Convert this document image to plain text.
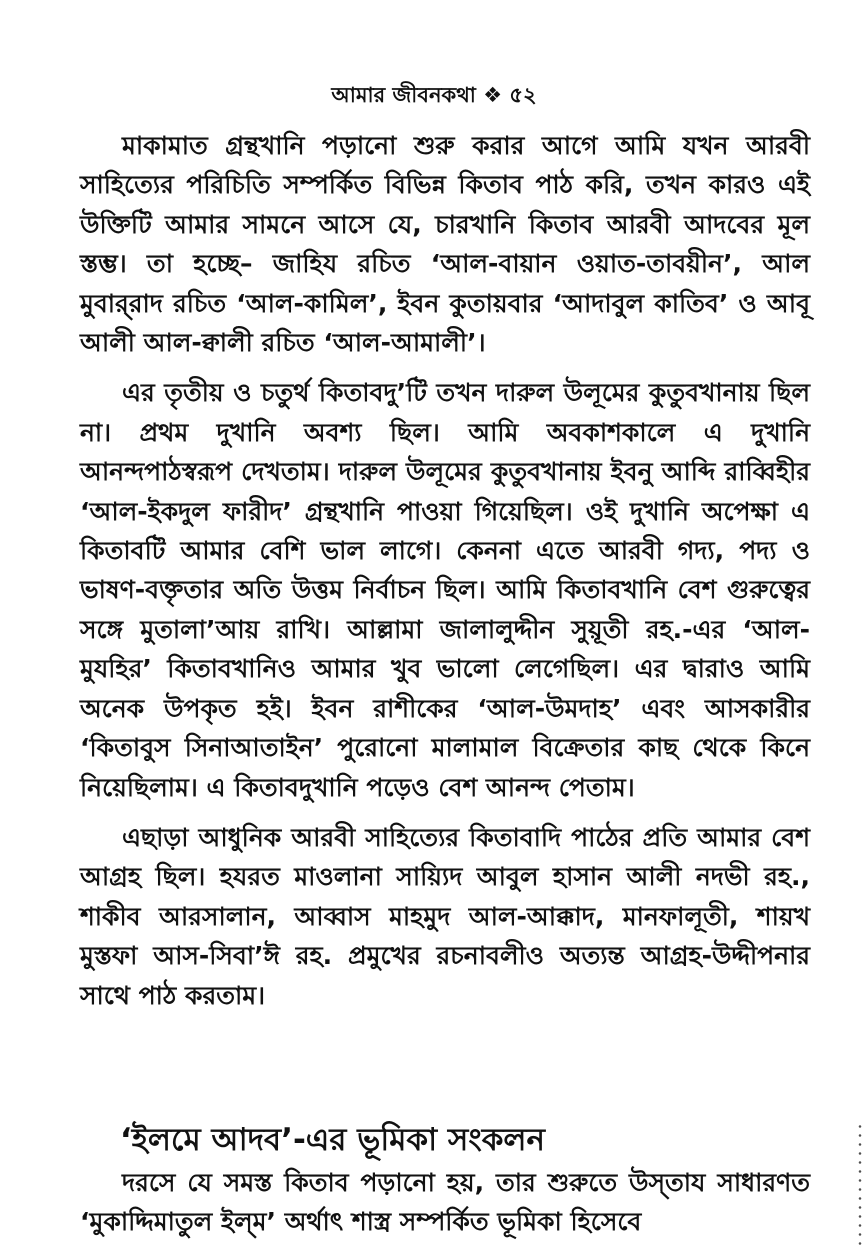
আমার জীবনকথা ❖ ৫২

মাকামাত গ্রন্থখানি পড়ানো শুরু করার আগে আমি যখন আরবী সাহিত্যের পরিচিতি সম্পর্কিত বিভিন্ন কিতাব পাঠ করি, তখন কারও এই উক্তিটি আমার সামনে আসে যে, চারখানি কিতাব আরবী আদবের মূল স্তম্ভ। তা হচ্ছে– জাহিয রচিত ‘আল-বায়ান ওয়াত-তাবয়ীন’, আল মুবার্‌রাদ রচিত ‘আল-কামিল’, ইবন কুতায়বার ‘আদাবুল কাতিব’ ও আবূ আলী আল-ক্বালী রচিত ‘আল-আমালী’।

এর তৃতীয় ও চতুর্থ কিতাবদু’টি তখন দারুল উলূমের কুতুবখানায় ছিল না। প্রথম দুখানি অবশ্য ছিল। আমি অবকাশকালে এ দুখানি আনন্দপাঠস্বরূপ দেখতাম। দারুল উলূমের কুতুবখানায় ইবনু আব্দি রাব্বিহীর ‘আল-ইকদুল ফারীদ’ গ্রন্থখানি পাওয়া গিয়েছিল। ওই দুখানি অপেক্ষা এ কিতাবটি আমার বেশি ভাল লাগে। কেননা এতে আরবী গদ্য, পদ্য ও ভাষণ-বক্তৃতার অতি উত্তম নির্বাচন ছিল। আমি কিতাবখানি বেশ গুরুত্বের সঙ্গে মুতালা’আয় রাখি। আল্লামা জালালুদ্দীন সুয়ূতী রহ.-এর ‘আল-মুযহির’ কিতাবখানিও আমার খুব ভালো লেগেছিল। এর দ্বারাও আমি অনেক উপকৃত হই। ইবন রাশীকের ‘আল-উমদাহ’ এবং আসকারীর ‘কিতাবুস সিনাআতাইন’ পুরোনো মালামাল বিক্রেতার কাছ থেকে কিনে নিয়েছিলাম। এ কিতাবদুখানি পড়েও বেশ আনন্দ পেতাম।

এছাড়া আধুনিক আরবী সাহিত্যের কিতাবাদি পাঠের প্রতি আমার বেশ আগ্রহ ছিল। হযরত মাওলানা সায়্যিদ আবুল হাসান আলী নদভী রহ., শাকীব আরসালান, আব্বাস মাহমুদ আল-আক্কাদ, মানফালূতী, শায়খ মুস্তফা আস-সিবা’ঈ রহ. প্রমুখের রচনাবলীও অত্যন্ত আগ্রহ-উদ্দীপনার সাথে পাঠ করতাম।

‘ইলমে আদব’-এর ভূমিকা সংকলন

দরসে যে সমস্ত কিতাব পড়ানো হয়, তার শুরুতে উস্‌তায সাধারণত ‘মুকাদ্দিমাতুল ইল্‌ম’ অর্থাৎ শাস্ত্র সম্পর্কিত ভূমিকা হিসেবে
